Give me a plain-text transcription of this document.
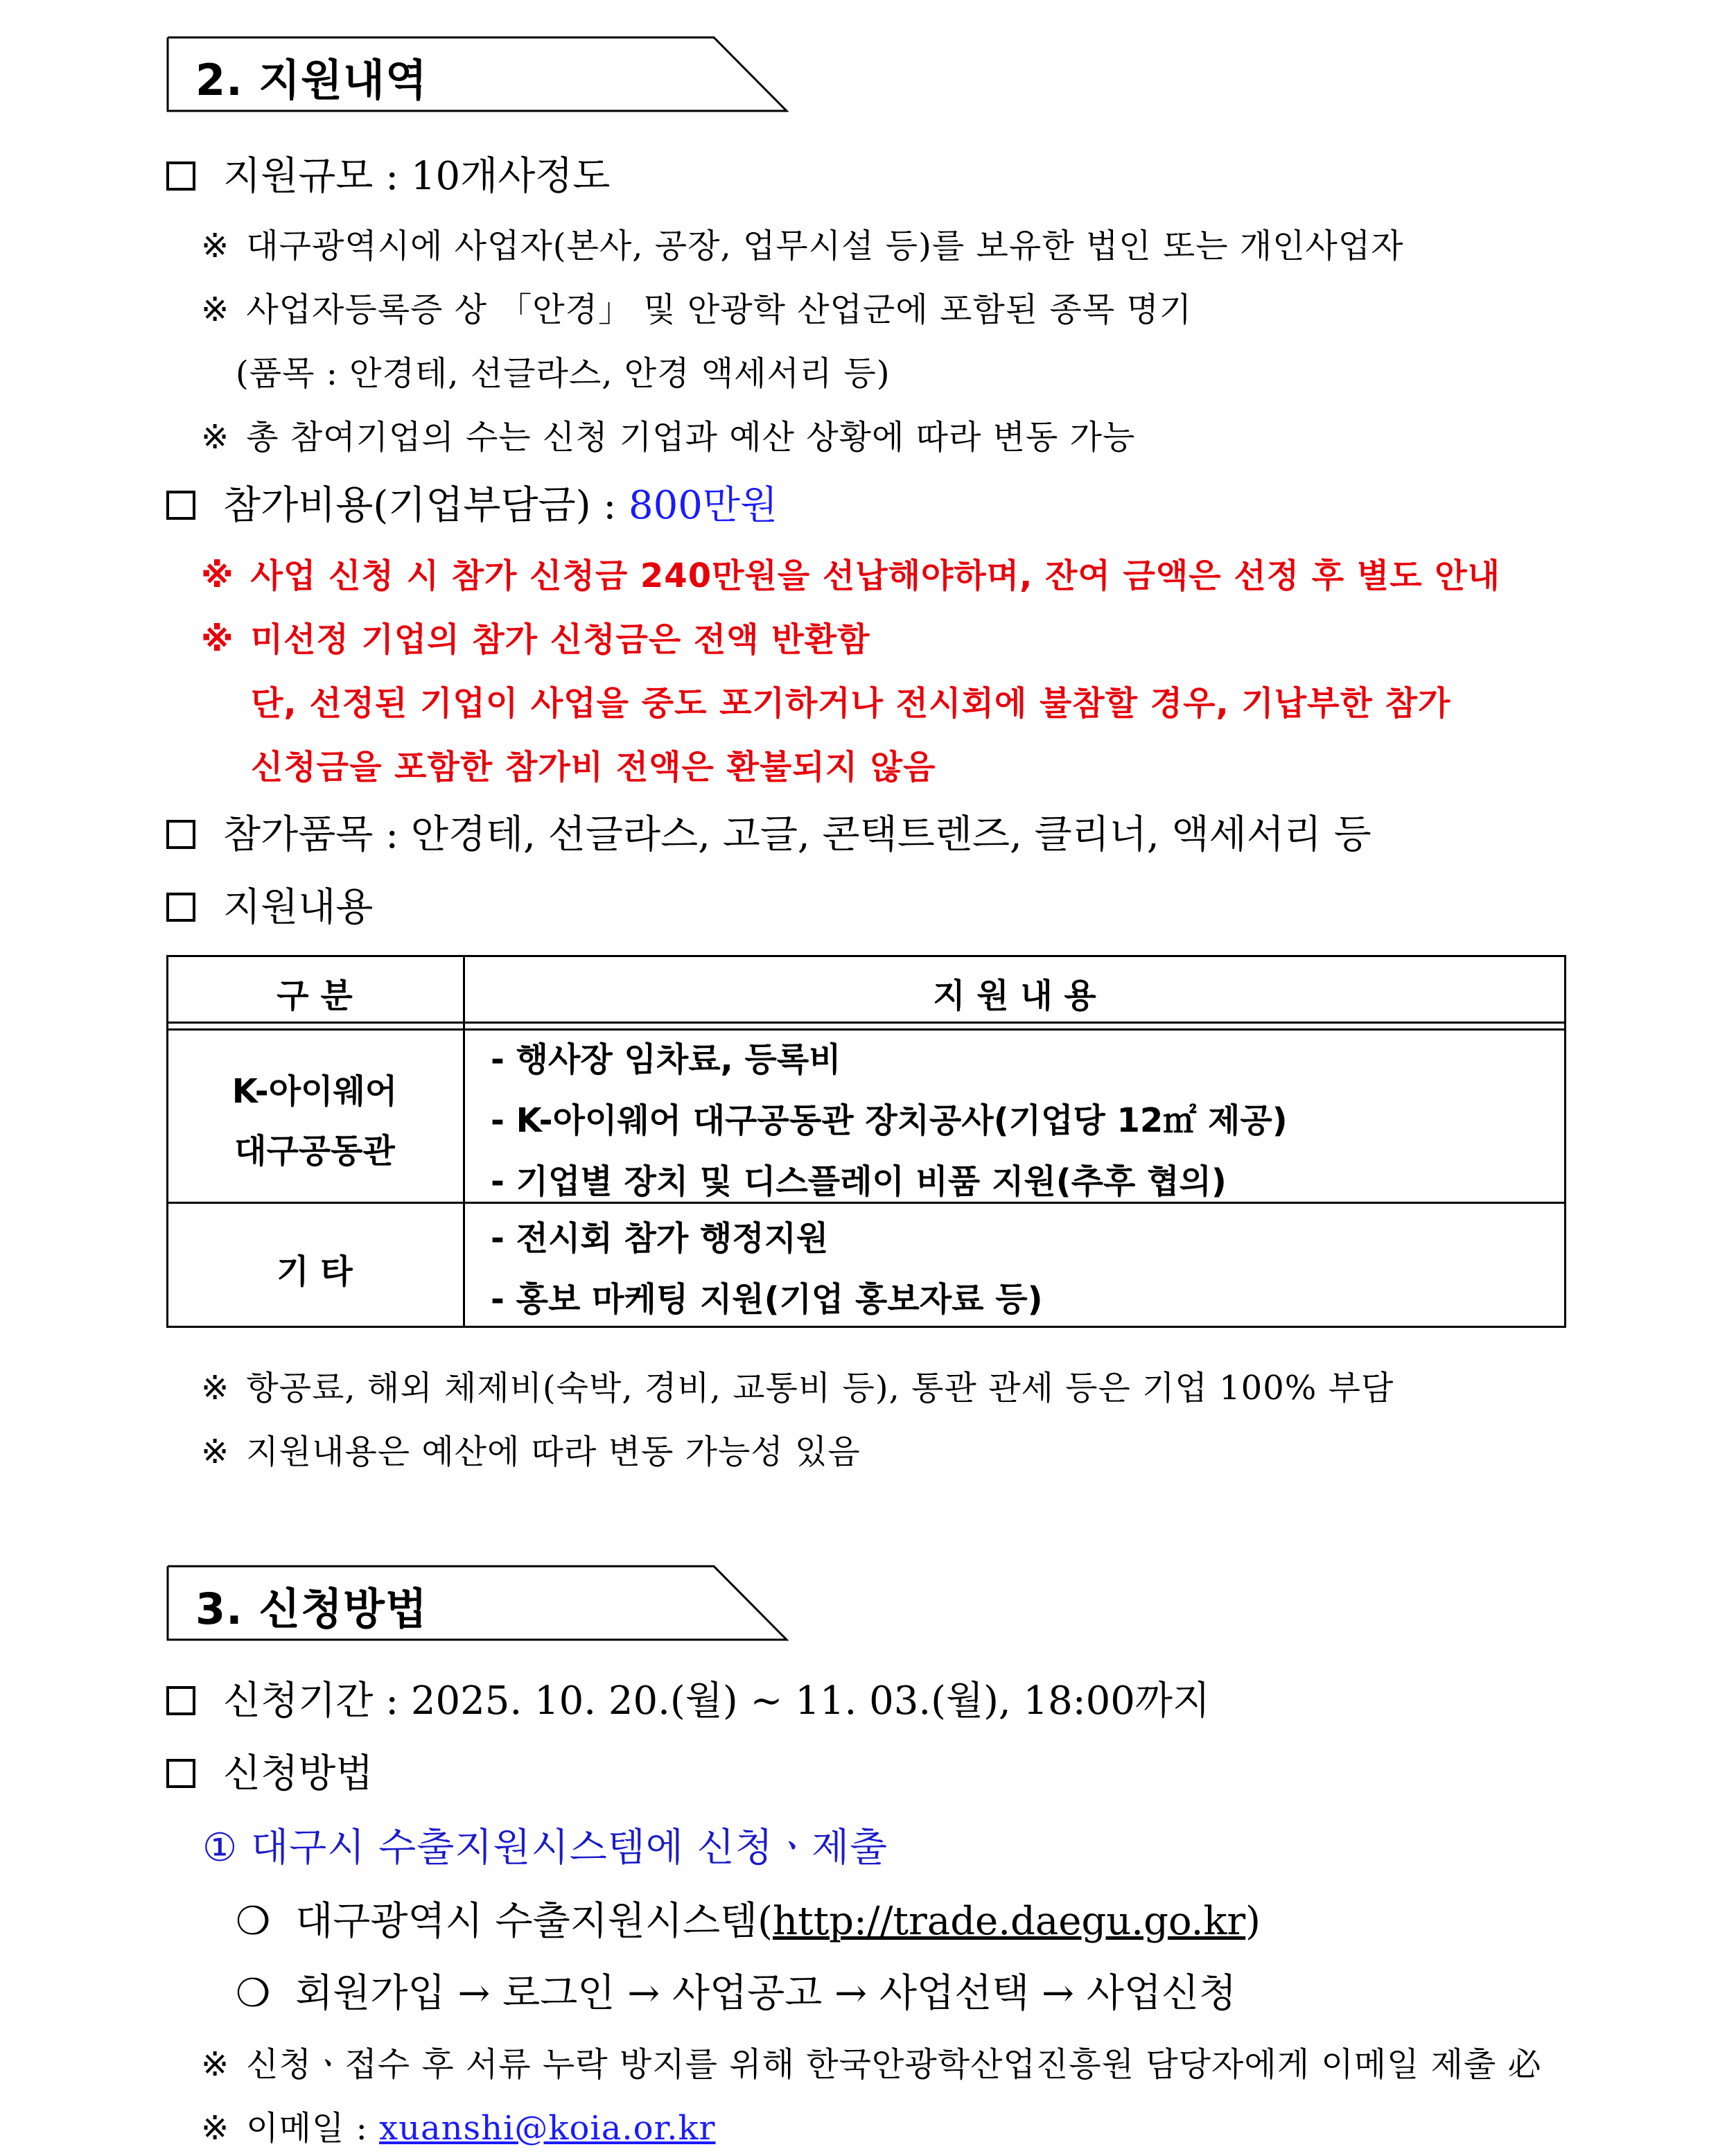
2. 지원내역
지원규모 : 10개사정도
※ 대구광역시에 사업자(본사, 공장, 업무시설 등)를 보유한 법인 또는 개인사업자
※ 사업자등록증 상 「안경」 및 안광학 산업군에 포함된 종목 명기
(품목 : 안경테, 선글라스, 안경 액세서리 등)
※ 총 참여기업의 수는 신청 기업과 예산 상황에 따라 변동 가능
참가비용(기업부담금) : 800만원
※ 사업 신청 시 참가 신청금 240만원을 선납해야하며, 잔여 금액은 선정 후 별도 안내
※ 미선정 기업의 참가 신청금은 전액 반환함
단, 선정된 기업이 사업을 중도 포기하거나 전시회에 불참할 경우, 기납부한 참가
신청금을 포함한 참가비 전액은 환불되지 않음
참가품목 : 안경테, 선글라스, 고글, 콘택트렌즈, 클리너, 액세서리 등
지원내용
구 분	지 원 내 용
K-아이웨어
대구공동관
- 행사장 임차료, 등록비
- K-아이웨어 대구공동관 장치공사(기업당 12㎡ 제공)
- 기업별 장치 및 디스플레이 비품 지원(추후 협의)
기 타
- 전시회 참가 행정지원
- 홍보 마케팅 지원(기업 홍보자료 등)
※ 항공료, 해외 체제비(숙박, 경비, 교통비 등), 통관 관세 등은 기업 100% 부담
※ 지원내용은 예산에 따라 변동 가능성 있음
3. 신청방법
신청기간 : 2025. 10. 20.(월) ~ 11. 03.(월), 18:00까지
신청방법
① 대구시 수출지원시스템에 신청ㆍ제출
❍ 대구광역시 수출지원시스템(http://trade.daegu.go.kr)
❍ 회원가입 → 로그인 → 사업공고 → 사업선택 → 사업신청
※ 신청ㆍ접수 후 서류 누락 방지를 위해 한국안광학산업진흥원 담당자에게 이메일 제출 必
※ 이메일 : xuanshi@koia.or.kr
